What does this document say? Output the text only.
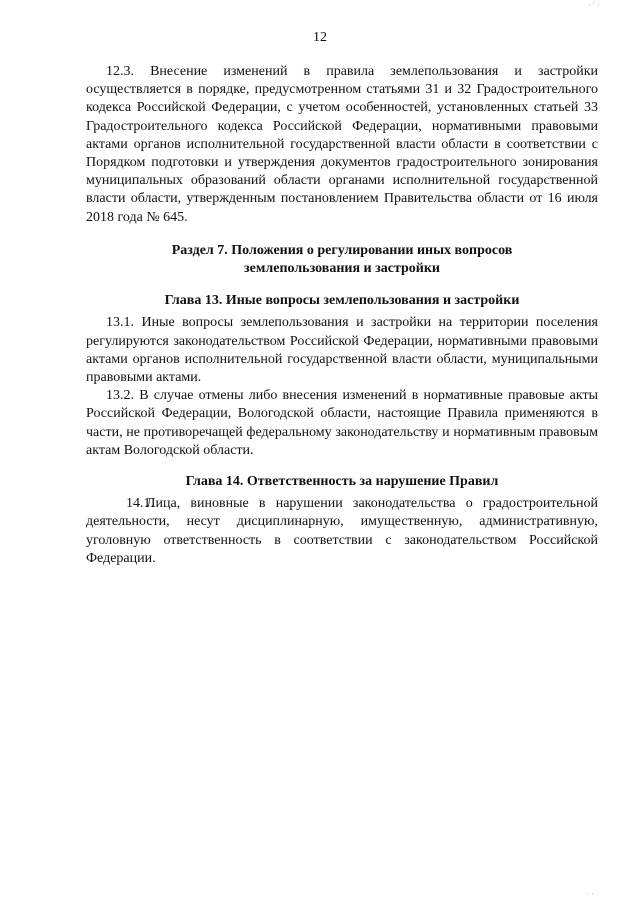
· ' ·
12

12.3. Внесение изменений в правила землепользования и застройки осуществляется в порядке, предусмотренном статьями 31 и 32 Градостроительного кодекса Российской Федерации, с учетом особенностей, установленных статьей 33 Градостроительного кодекса Российской Федерации, нормативными правовыми актами органов исполнительной государственной власти области в соответствии с Порядком подготовки и утверждения документов градостроительного зонирования муниципальных образований области органами исполнительной государственной власти области, утвержденным постановлением Правительства области от 16 июля 2018 года № 645.

Раздел 7. Положения о регулировании иных вопросов
землепользования и застройки

Глава 13. Иные вопросы землепользования и застройки

13.1. Иные вопросы землепользования и застройки на территории поселения регулируются законодательством Российской Федерации, нормативными правовыми актами органов исполнительной государственной власти области, муниципальными правовыми актами.

13.2. В случае отмены либо внесения изменений в нормативные правовые акты Российской Федерации, Вологодской области, настоящие Правила применяются в части, не противоречащей федеральному законодательству и нормативным правовым актам Вологодской области.

Глава 14. Ответственность за нарушение Правил

14.1.Лица, виновные в нарушении законодательства о градостроительной деятельности, несут дисциплинарную, имущественную, административную, уголовную ответственность в соответствии с законодательством Российской Федерации.

· ·
